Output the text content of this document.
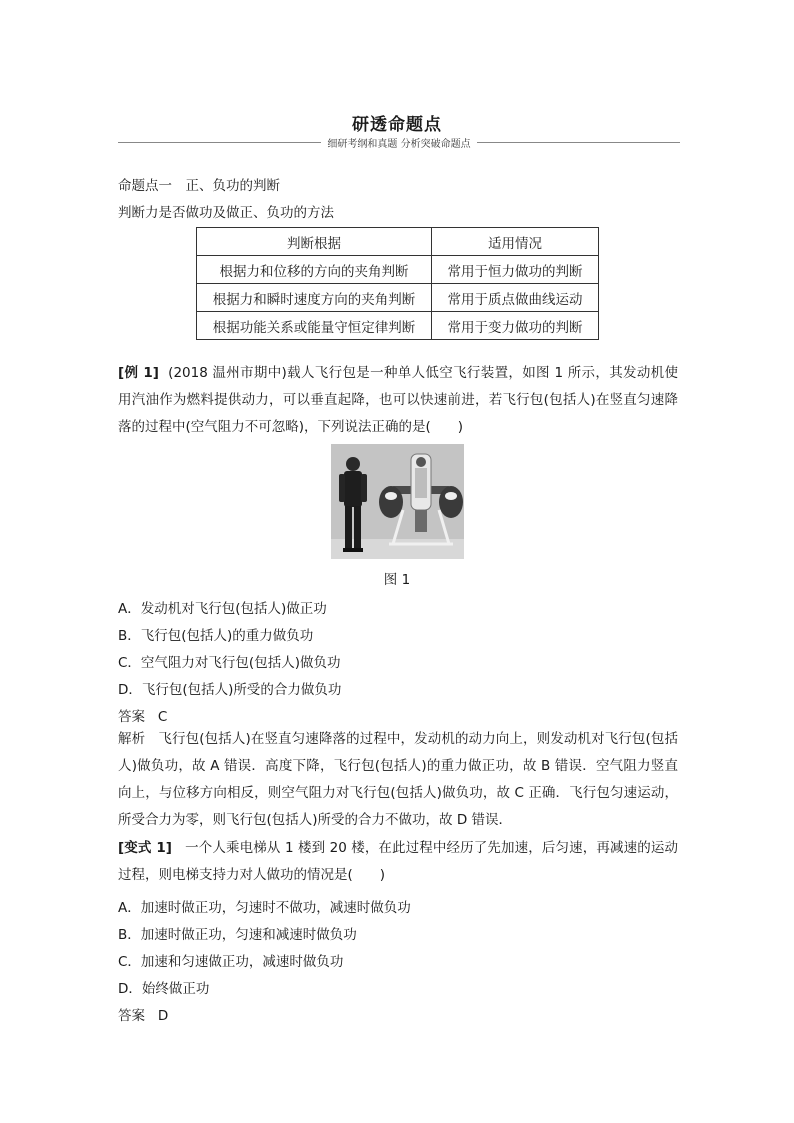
研透命题点
细研考纲和真题 分析突破命题点
命题点一　正、负功的判断
判断力是否做功及做正、负功的方法
判断根据	适用情况
根据力和位移的方向的夹角判断	常用于恒力做功的判断
根据力和瞬时速度方向的夹角判断	常用于质点做曲线运动
根据功能关系或能量守恒定律判断	常用于变力做功的判断
[例 1] (2018 温州市期中)载人飞行包是一种单人低空飞行装置，如图 1 所示，其发动机使用汽油作为燃料提供动力，可以垂直起降，也可以快速前进，若飞行包(包括人)在竖直匀速降落的过程中(空气阻力不可忽略)，下列说法正确的是(　　)
图 1
A．发动机对飞行包(包括人)做正功
B．飞行包(包括人)的重力做负功
C．空气阻力对飞行包(包括人)做负功
D．飞行包(包括人)所受的合力做负功
答案 C
解析 飞行包(包括人)在竖直匀速降落的过程中，发动机的动力向上，则发动机对飞行包(包括人)做负功，故 A 错误．高度下降，飞行包(包括人)的重力做正功，故 B 错误．空气阻力竖直向上，与位移方向相反，则空气阻力对飞行包(包括人)做负功，故 C 正确．飞行包匀速运动，所受合力为零，则飞行包(包括人)所受的合力不做功，故 D 错误．
[变式 1] 一个人乘电梯从 1 楼到 20 楼，在此过程中经历了先加速，后匀速，再减速的运动过程，则电梯支持力对人做功的情况是(　　)
A．加速时做正功，匀速时不做功，减速时做负功
B．加速时做正功，匀速和减速时做负功
C．加速和匀速做正功，减速时做负功
D．始终做正功
答案 D
